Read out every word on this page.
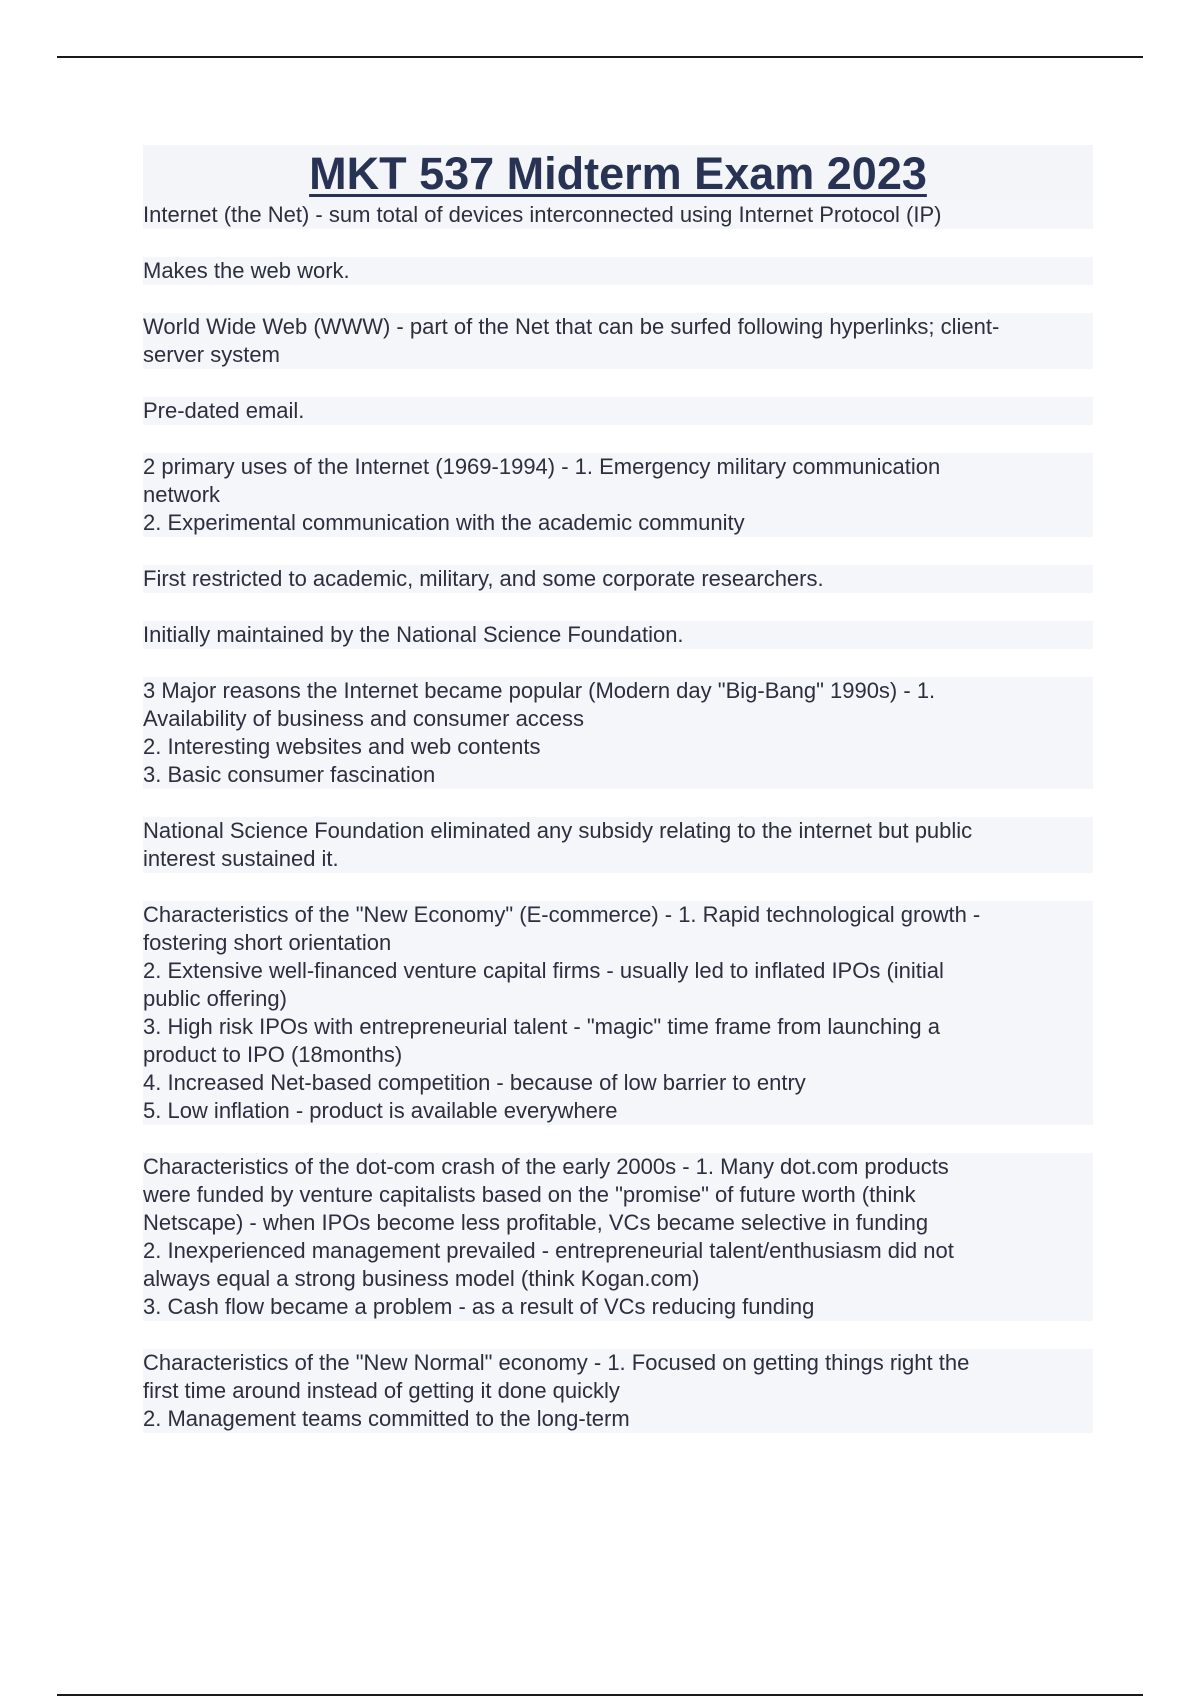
MKT 537 Midterm Exam 2023
Internet (the Net) - sum total of devices interconnected using Internet Protocol (IP)
Makes the web work.
World Wide Web (WWW) - part of the Net that can be surfed following hyperlinks; client-
server system
Pre-dated email.
2 primary uses of the Internet (1969-1994) - 1. Emergency military communication
network
2. Experimental communication with the academic community
First restricted to academic, military, and some corporate researchers.
Initially maintained by the National Science Foundation.
3 Major reasons the Internet became popular (Modern day "Big-Bang" 1990s) - 1.
Availability of business and consumer access
2. Interesting websites and web contents
3. Basic consumer fascination
National Science Foundation eliminated any subsidy relating to the internet but public
interest sustained it.
Characteristics of the "New Economy" (E-commerce) - 1. Rapid technological growth -
fostering short orientation
2. Extensive well-financed venture capital firms - usually led to inflated IPOs (initial
public offering)
3. High risk IPOs with entrepreneurial talent - "magic" time frame from launching a
product to IPO (18months)
4. Increased Net-based competition - because of low barrier to entry
5. Low inflation - product is available everywhere
Characteristics of the dot-com crash of the early 2000s - 1. Many dot.com products
were funded by venture capitalists based on the "promise" of future worth (think
Netscape) - when IPOs become less profitable, VCs became selective in funding
2. Inexperienced management prevailed - entrepreneurial talent/enthusiasm did not
always equal a strong business model (think Kogan.com)
3. Cash flow became a problem - as a result of VCs reducing funding
Characteristics of the "New Normal" economy - 1. Focused on getting things right the
first time around instead of getting it done quickly
2. Management teams committed to the long-term
